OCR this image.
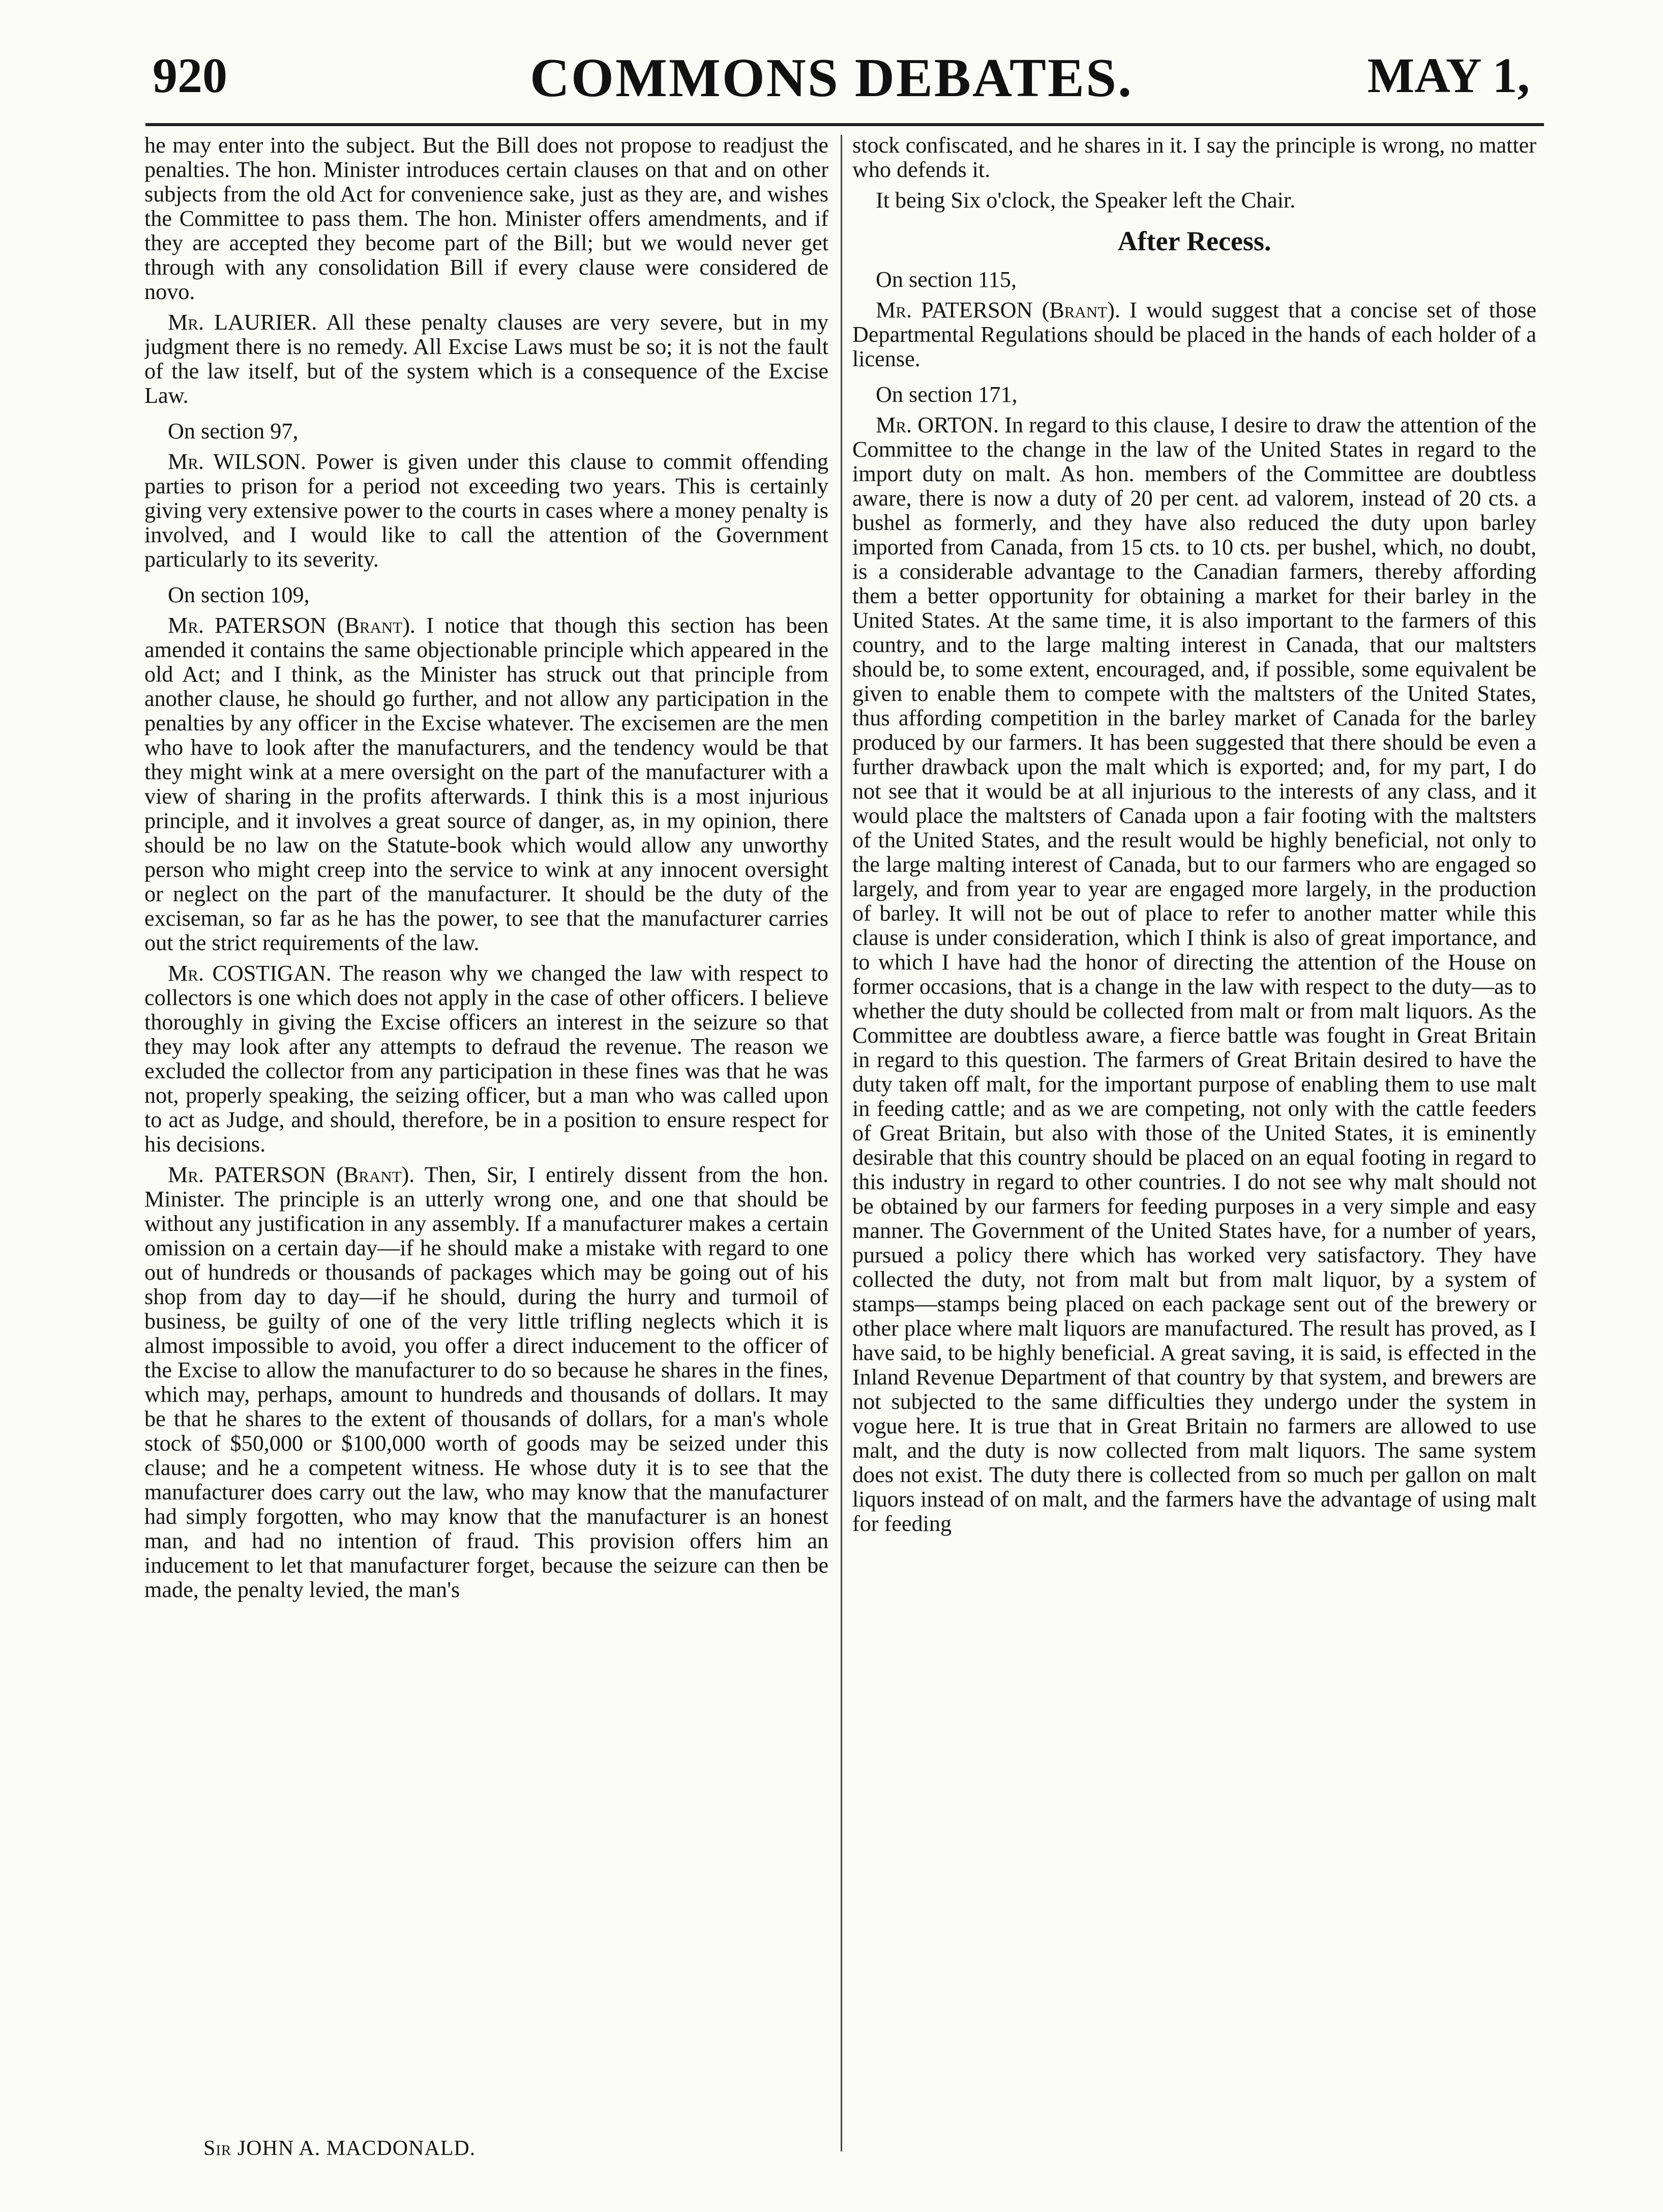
920	COMMONS DEBATES.	MAY 1,

he may enter into the subject. But the Bill does not propose to readjust the penalties. The hon. Minister introduces certain clauses on that and on other subjects from the old Act for convenience sake, just as they are, and wishes the Committee to pass them. The hon. Minister offers amendments, and if they are accepted they become part of the Bill; but we would never get through with any consolidation Bill if every clause were considered de novo.

Mr. LAURIER. All these penalty clauses are very severe, but in my judgment there is no remedy. All Excise Laws must be so; it is not the fault of the law itself, but of the system which is a consequence of the Excise Law.

On section 97,

Mr. WILSON. Power is given under this clause to commit offending parties to prison for a period not exceeding two years. This is certainly giving very extensive power to the courts in cases where a money penalty is involved, and I would like to call the attention of the Government particularly to its severity.

On section 109,

Mr. PATERSON (Brant). I notice that though this section has been amended it contains the same objectionable principle which appeared in the old Act; and I think, as the Minister has struck out that principle from another clause, he should go further, and not allow any participation in the penalties by any officer in the Excise whatever. The excisemen are the men who have to look after the manufacturers, and the tendency would be that they might wink at a mere oversight on the part of the manufacturer with a view of sharing in the profits afterwards. I think this is a most injurious principle, and it involves a great source of danger, as, in my opinion, there should be no law on the Statute-book which would allow any unworthy person who might creep into the service to wink at any innocent oversight or neglect on the part of the manufacturer. It should be the duty of the exciseman, so far as he has the power, to see that the manufacturer carries out the strict requirements of the law.

Mr. COSTIGAN. The reason why we changed the law with respect to collectors is one which does not apply in the case of other officers. I believe thoroughly in giving the Excise officers an interest in the seizure so that they may look after any attempts to defraud the revenue. The reason we excluded the collector from any participation in these fines was that he was not, properly speaking, the seizing officer, but a man who was called upon to act as Judge, and should, therefore, be in a position to ensure respect for his decisions.

Mr. PATERSON (Brant). Then, Sir, I entirely dissent from the hon. Minister. The principle is an utterly wrong one, and one that should be without any justification in any assembly. If a manufacturer makes a certain omission on a certain day—if he should make a mistake with regard to one out of hundreds or thousands of packages which may be going out of his shop from day to day—if he should, during the hurry and turmoil of business, be guilty of one of the very little trifling neglects which it is almost impossible to avoid, you offer a direct inducement to the officer of the Excise to allow the manufacturer to do so because he shares in the fines, which may, perhaps, amount to hundreds and thousands of dollars. It may be that he shares to the extent of thousands of dollars, for a man's whole stock of $50,000 or $100,000 worth of goods may be seized under this clause; and he a competent witness. He whose duty it is to see that the manufacturer does carry out the law, who may know that the manufacturer had simply forgotten, who may know that the manufacturer is an honest man, and had no intention of fraud. This provision offers him an inducement to let that manufacturer forget, because the seizure can then be made, the penalty levied, the man's

stock confiscated, and he shares in it. I say the principle is wrong, no matter who defends it.

It being Six o'clock, the Speaker left the Chair.

After Recess.

On section 115,

Mr. PATERSON (Brant). I would suggest that a concise set of those Departmental Regulations should be placed in the hands of each holder of a license.

On section 171,

Mr. ORTON. In regard to this clause, I desire to draw the attention of the Committee to the change in the law of the United States in regard to the import duty on malt. As hon. members of the Committee are doubtless aware, there is now a duty of 20 per cent. ad valorem, instead of 20 cts. a bushel as formerly, and they have also reduced the duty upon barley imported from Canada, from 15 cts. to 10 cts. per bushel, which, no doubt, is a considerable advantage to the Canadian farmers, thereby affording them a better opportunity for obtaining a market for their barley in the United States. At the same time, it is also important to the farmers of this country, and to the large malting interest in Canada, that our maltsters should be, to some extent, encouraged, and, if possible, some equivalent be given to enable them to compete with the maltsters of the United States, thus affording competition in the barley market of Canada for the barley produced by our farmers. It has been suggested that there should be even a further drawback upon the malt which is exported; and, for my part, I do not see that it would be at all injurious to the interests of any class, and it would place the maltsters of Canada upon a fair footing with the maltsters of the United States, and the result would be highly beneficial, not only to the large malting interest of Canada, but to our farmers who are engaged so largely, and from year to year are engaged more largely, in the production of barley. It will not be out of place to refer to another matter while this clause is under consideration, which I think is also of great importance, and to which I have had the honor of directing the attention of the House on former occasions, that is a change in the law with respect to the duty—as to whether the duty should be collected from malt or from malt liquors. As the Committee are doubtless aware, a fierce battle was fought in Great Britain in regard to this question. The farmers of Great Britain desired to have the duty taken off malt, for the important purpose of enabling them to use malt in feeding cattle; and as we are competing, not only with the cattle feeders of Great Britain, but also with those of the United States, it is eminently desirable that this country should be placed on an equal footing in regard to this industry in regard to other countries. I do not see why malt should not be obtained by our farmers for feeding purposes in a very simple and easy manner. The Government of the United States have, for a number of years, pursued a policy there which has worked very satisfactory. They have collected the duty, not from malt but from malt liquor, by a system of stamps—stamps being placed on each package sent out of the brewery or other place where malt liquors are manufactured. The result has proved, as I have said, to be highly beneficial. A great saving, it is said, is effected in the Inland Revenue Department of that country by that system, and brewers are not subjected to the same difficulties they undergo under the system in vogue here. It is true that in Great Britain no farmers are allowed to use malt, and the duty is now collected from malt liquors. The same system does not exist. The duty there is collected from so much per gallon on malt liquors instead of on malt, and the farmers have the advantage of using malt for feeding

Sir JOHN A. MACDONALD.
